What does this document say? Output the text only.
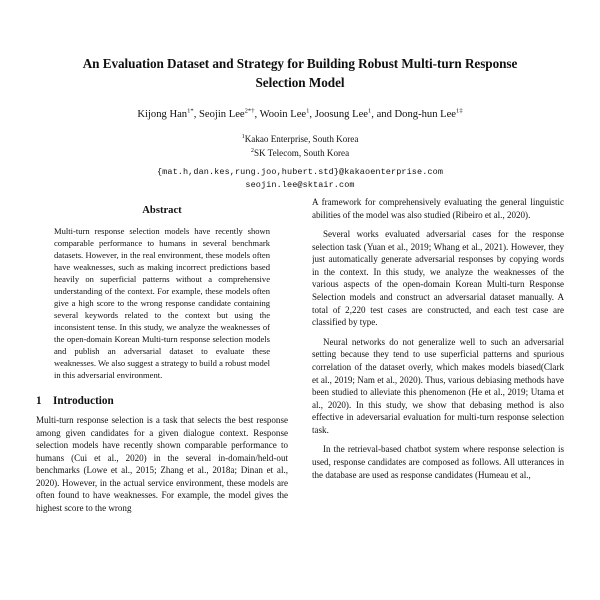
An Evaluation Dataset and Strategy for Building Robust Multi-turn Response Selection Model
Kijong Han$^{1*}$, Seojin Lee$^{2*\dagger}$, Wooin Lee$^1$, Joosung Lee$^1$, and Dong-hun Lee$^{1\ddagger}$
$^1$Kakao Enterprise, South Korea
$^2$SK Telecom, South Korea
{mat.h,dan.kes,rung.joo,hubert.std}@kakaoenterprise.com
seojin.lee@sktair.com
Abstract
Multi-turn response selection models have recently shown comparable performance to humans in several benchmark datasets. However, in the real environment, these models often have weaknesses, such as making incorrect predictions based heavily on superficial patterns without a comprehensive understanding of the context. For example, these models often give a high score to the wrong response candidate containing several keywords related to the context but using the inconsistent tense. In this study, we analyze the weaknesses of the open-domain Korean Multi-turn response selection models and publish an adversarial dataset to evaluate these weaknesses. We also suggest a strategy to build a robust model in this adversarial environment.
1 Introduction

Multi-turn response selection is a task that selects the best response among given candidates for a given dialogue context. Response selection models have recently shown comparable performance to humans (Cui et al., 2020) in the several in-domain/held-out benchmarks (Lowe et al., 2015; Zhang et al., 2018a; Dinan et al., 2020). However, in the actual service environment, these models are often found to have weaknesses. For example, the model gives the highest score to the wrong

A framework for comprehensively evaluating the general linguistic abilities of the model was also studied (Ribeiro et al., 2020).

Several works evaluated adversarial cases for the response selection task (Yuan et al., 2019; Whang et al., 2021). However, they just automatically generate adversarial responses by copying words in the context. In this study, we analyze the weaknesses of the various aspects of the open-domain Korean Multi-turn Response Selection models and construct an adversarial dataset manually. A total of 2,220 test cases are constructed, and each test case are classified by type.

Neural networks do not generalize well to such an adversarial setting because they tend to use superficial patterns and spurious correlation of the dataset overly, which makes models biased(Clark et al., 2019; Nam et al., 2020). Thus, various debiasing methods have been studied to alleviate this phenomenon (He et al., 2019; Utama et al., 2020). In this study, we show that debasing method is also effective in adeversarial evaluation for multi-turn response selection task.

In the retrieval-based chatbot system where response selection is used, response candidates are composed as follows. All utterances in the database are used as response candidates (Humeau et al.,
